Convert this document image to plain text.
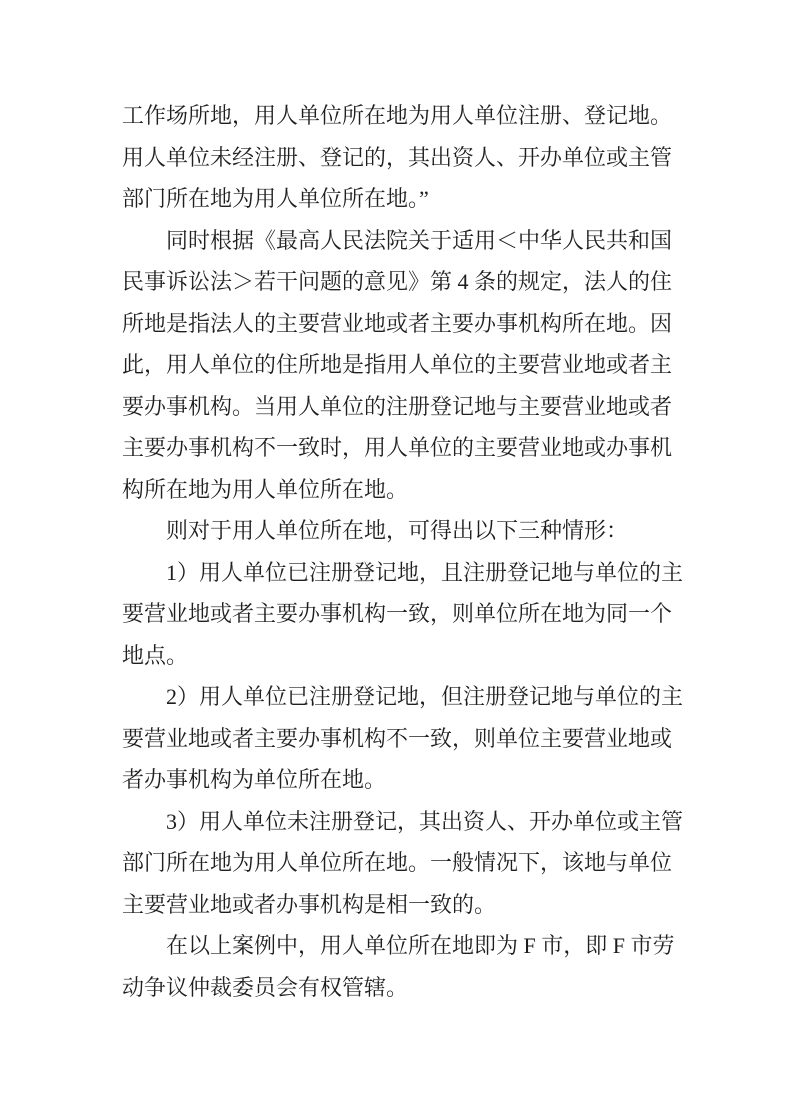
工作场所地，用人单位所在地为用人单位注册、登记地。
用人单位未经注册、登记的，其出资人、开办单位或主管
部门所在地为用人单位所在地。”

同时根据《最高人民法院关于适用＜中华人民共和国
民事诉讼法＞若干问题的意见》第 4 条的规定，法人的住
所地是指法人的主要营业地或者主要办事机构所在地。因
此，用人单位的住所地是指用人单位的主要营业地或者主
要办事机构。当用人单位的注册登记地与主要营业地或者
主要办事机构不一致时，用人单位的主要营业地或办事机
构所在地为用人单位所在地。

则对于用人单位所在地，可得出以下三种情形：

1）用人单位已注册登记地，且注册登记地与单位的主
要营业地或者主要办事机构一致，则单位所在地为同一个
地点。

2）用人单位已注册登记地，但注册登记地与单位的主
要营业地或者主要办事机构不一致，则单位主要营业地或
者办事机构为单位所在地。

3）用人单位未注册登记，其出资人、开办单位或主管
部门所在地为用人单位所在地。一般情况下，该地与单位
主要营业地或者办事机构是相一致的。

在以上案例中，用人单位所在地即为 F 市，即 F 市劳
动争议仲裁委员会有权管辖。
